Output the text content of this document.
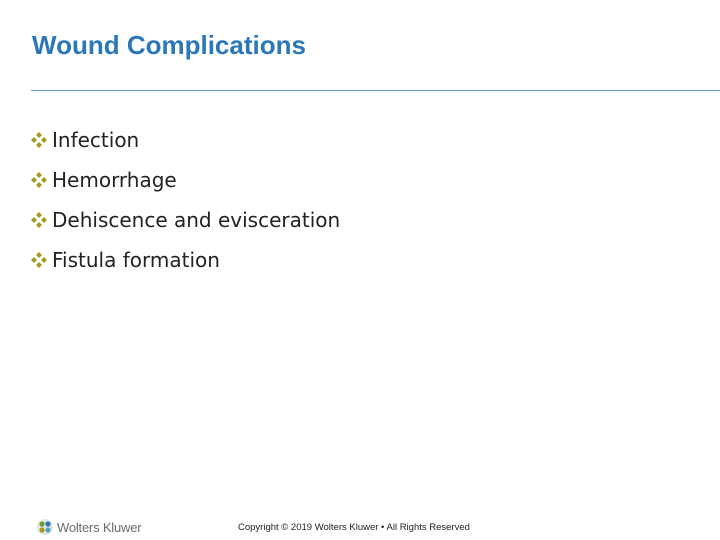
Wound Complications
Infection
Hemorrhage
Dehiscence and evisceration
Fistula formation
Wolters Kluwer	Copyright © 2019 Wolters Kluwer • All Rights Reserved
